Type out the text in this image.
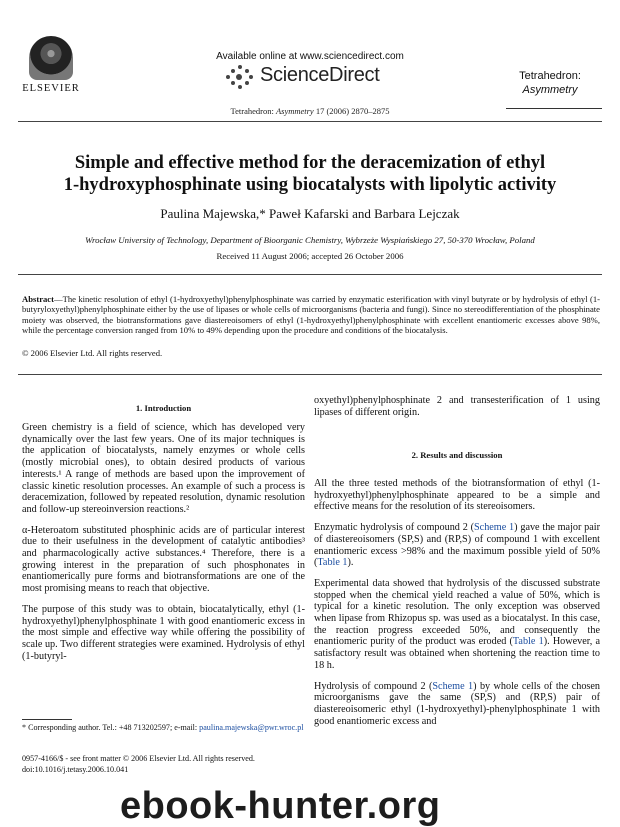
ELSEVIER
Available online at www.sciencedirect.com
ScienceDirect
Tetrahedron: Asymmetry 17 (2006) 2870–2875
Tetrahedron:
Asymmetry
Simple and effective method for the deracemization of ethyl
1-hydroxyphosphinate using biocatalysts with lipolytic activity
Paulina Majewska,* Paweł Kafarski and Barbara Lejczak
Wrocław University of Technology, Department of Bioorganic Chemistry, Wybrzeże Wyspiańskiego 27, 50-370 Wrocław, Poland
Received 11 August 2006; accepted 26 October 2006
Abstract—The kinetic resolution of ethyl (1-hydroxyethyl)phenylphosphinate was carried by enzymatic esterification with vinyl butyrate or by hydrolysis of ethyl (1-butyryloxyethyl)phenylphosphinate either by the use of lipases or whole cells of microorganisms (bacteria and fungi). Since no stereodifferentiation of the phosphinate moiety was observed, the biotransformations gave diastereoisomers of ethyl (1-hydroxyethyl)phenylphosphinate with excellent enantiomeric excesses above 98%, while the percentage conversion ranged from 10% to 49% depending upon the procedure and conditions of the biocatalysis.
© 2006 Elsevier Ltd. All rights reserved.
1. Introduction

Green chemistry is a field of science, which has developed very dynamically over the last few years. One of its major techniques is the application of biocatalysts, namely enzymes or whole cells (mostly microbial ones), to obtain desired products of various interests.¹ A range of methods are based upon the improvement of classic kinetic resolution processes. An example of such a process is deracemization, followed by repeated resolution, dynamic resolution and follow-up stereoinversion reactions.²

α-Heteroatom substituted phosphinic acids are of particular interest due to their usefulness in the development of catalytic antibodies³ and pharmacologically active substances.⁴ Therefore, there is a growing interest in the preparation of such phosphonates in enantiomerically pure forms and biotransformations are one of the most promising means to reach that objective.

The purpose of this study was to obtain, biocatalytically, ethyl (1-hydroxyethyl)phenylphosphinate 1 with good enantiomeric excess in the most simple and effective way while offering the possibility of scale up. Two different strategies were examined. Hydrolysis of ethyl (1-butyryl-

* Corresponding author. Tel.: +48 713202597; e-mail: paulina.majewska@pwr.wroc.pl
0957-4166/$ - see front matter © 2006 Elsevier Ltd. All rights reserved.
doi:10.1016/j.tetasy.2006.10.041
oxyethyl)phenylphosphinate 2 and transesterification of 1 using lipases of different origin.
2. Results and discussion

All the three tested methods of the biotransformation of ethyl (1-hydroxyethyl)phenylphosphinate appeared to be a simple and effective means for the resolution of its stereoisomers.

Enzymatic hydrolysis of compound 2 (Scheme 1) gave the major pair of diastereoisomers (SP,S) and (RP,S) of compound 1 with excellent enantiomeric excess >98% and the maximum possible yield of 50% (Table 1).

Experimental data showed that hydrolysis of the discussed substrate stopped when the chemical yield reached a value of 50%, which is typical for a kinetic resolution. The only exception was observed when lipase from Rhizopus sp. was used as a biocatalyst. In this case, the reaction progress exceeded 50%, and consequently the enantiomeric purity of the product was eroded (Table 1). However, a satisfactory result was obtained when shortening the reaction time to 18 h.

Hydrolysis of compound 2 (Scheme 1) by whole cells of the chosen microorganisms gave the same (SP,S) and (RP,S) pair of diastereoisomeric ethyl (1-hydroxyethyl)-phenylphosphinate 1 with good enantiomeric excess and

ebook-hunter.org
